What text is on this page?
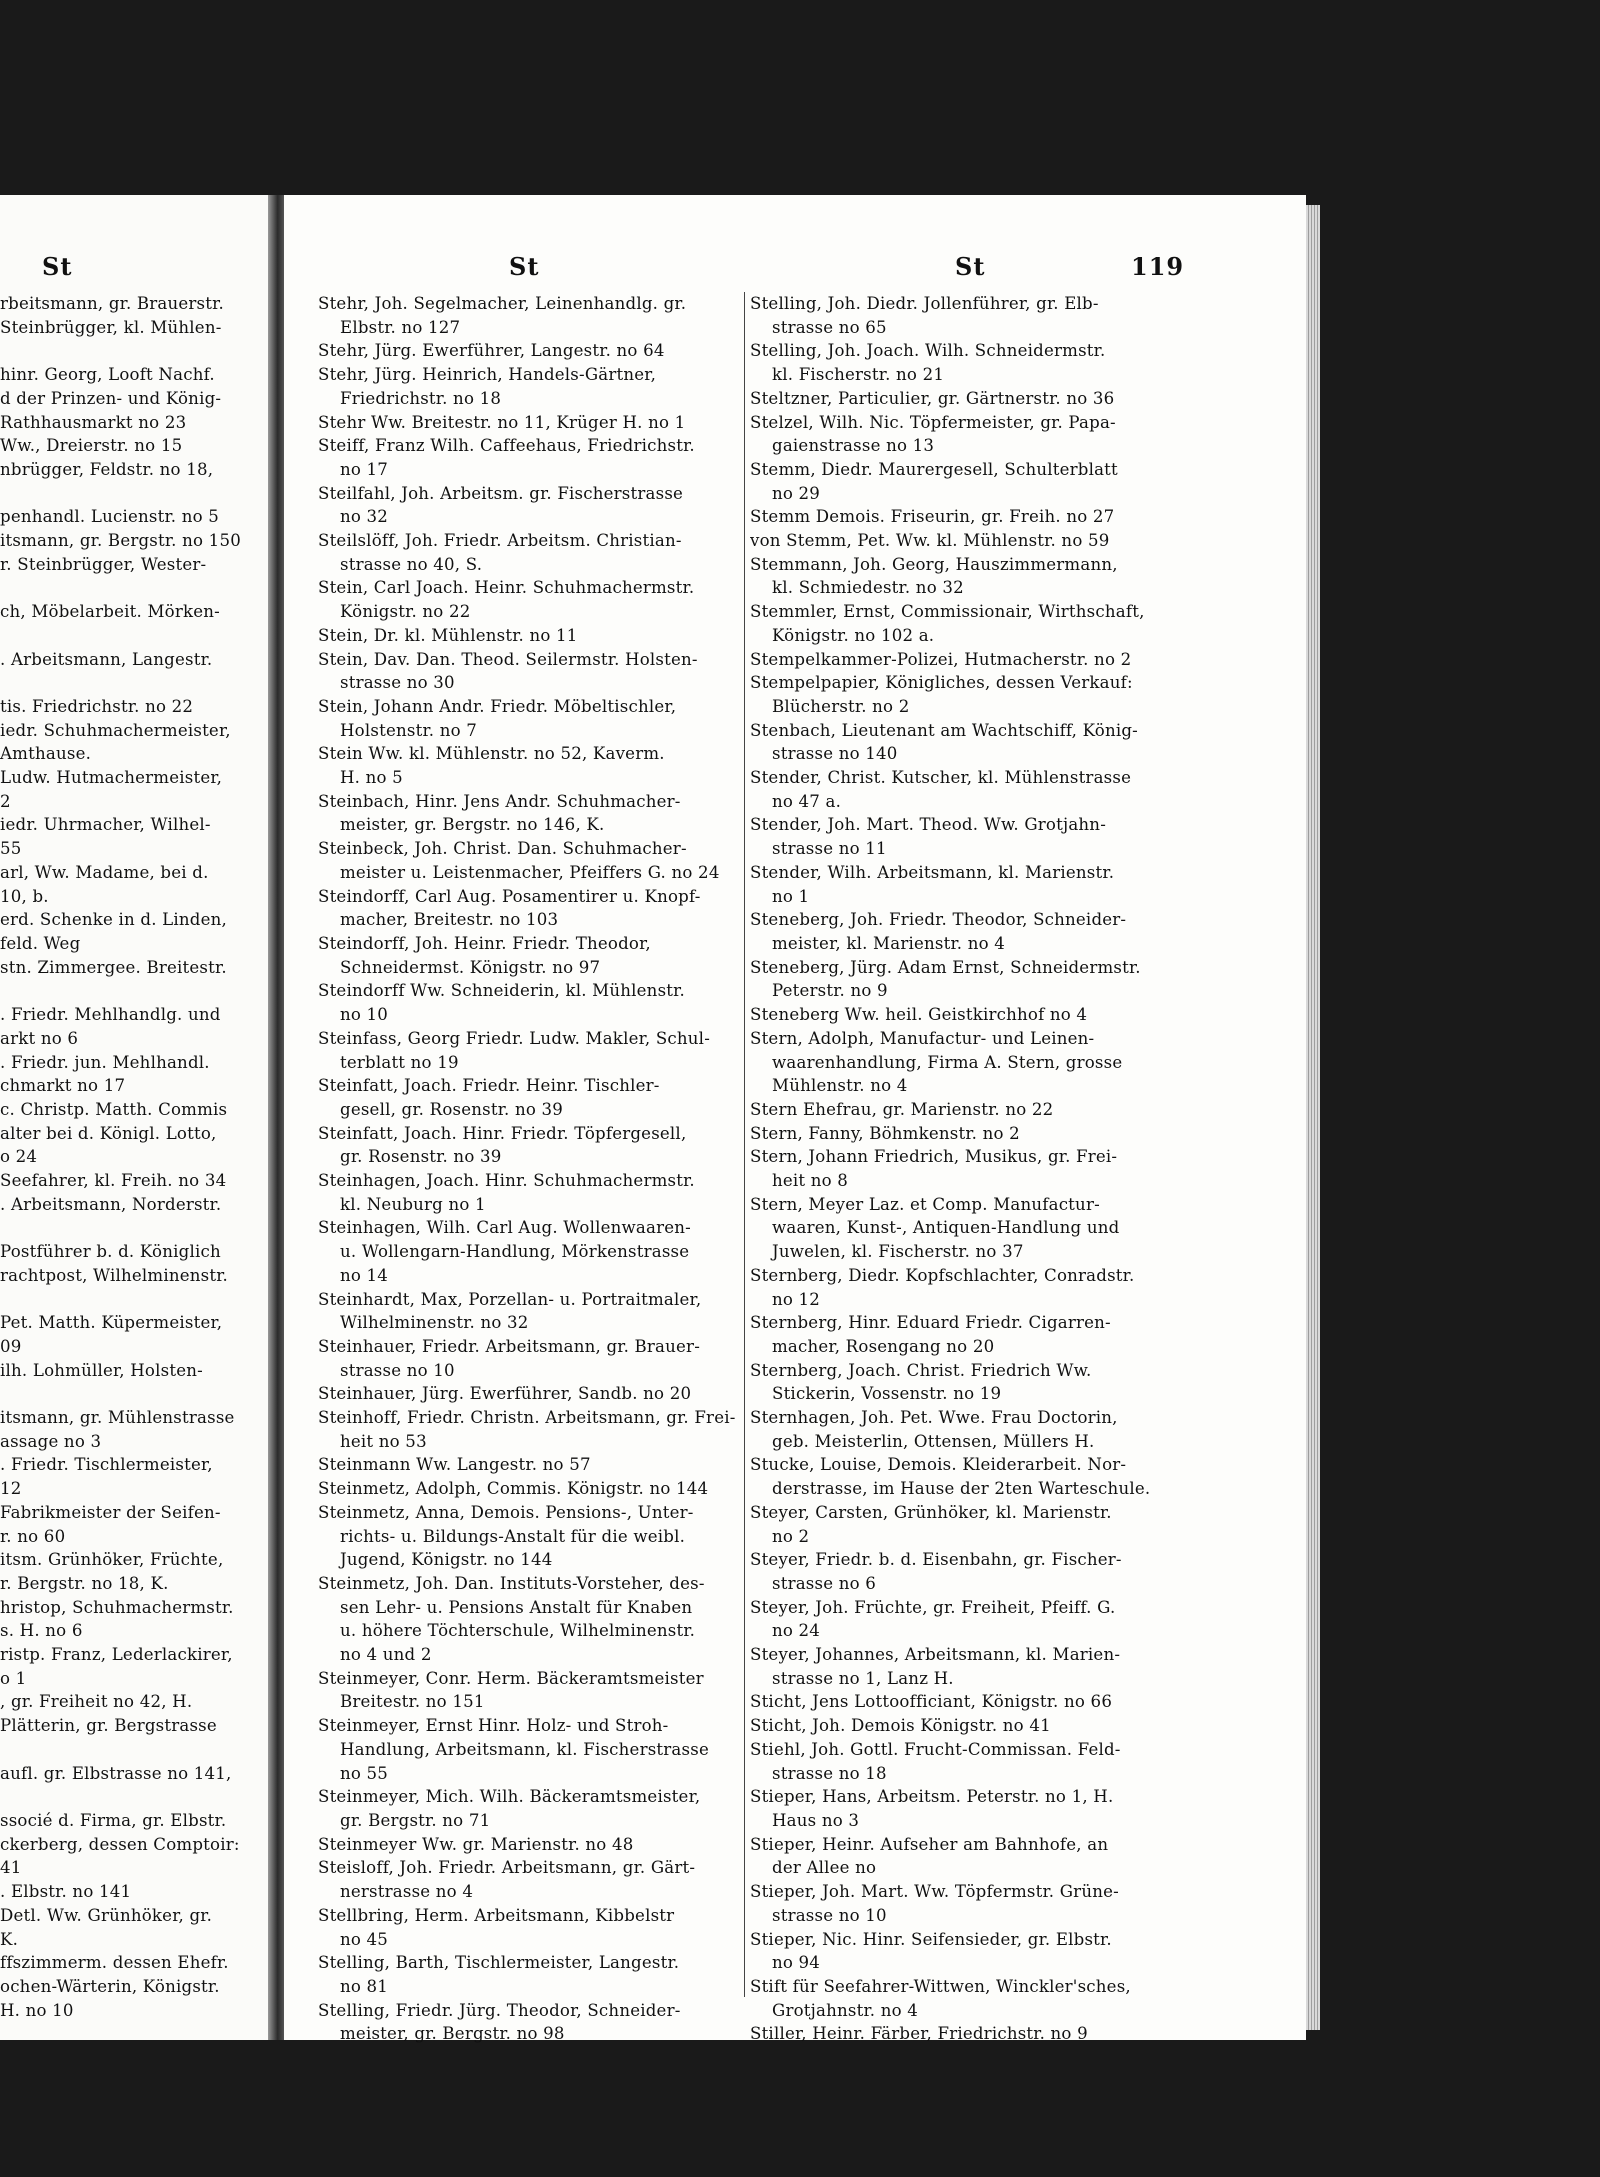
St	St	St	119
rbeitsmann, gr. Brauerstr.
Steinbrügger, kl. Mühlen-

hinr. Georg, Looft Nachf.
d der Prinzen- und König-
Rathhausmarkt no 23
Ww., Dreierstr. no 15
nbrügger, Feldstr. no 18,

penhandl. Lucienstr. no 5
itsmann, gr. Bergstr. no 150
r. Steinbrügger, Wester-

ch, Möbelarbeit. Mörken-

. Arbeitsmann, Langestr.

tis. Friedrichstr. no 22
iedr. Schuhmachermeister,
Amthause.
Ludw. Hutmachermeister,
2
iedr. Uhrmacher, Wilhel-
55
arl, Ww. Madame, bei d.
10, b.
erd. Schenke in d. Linden,
feld. Weg
stn. Zimmergee. Breitestr.

. Friedr. Mehlhandlg. und
arkt no 6
. Friedr. jun. Mehlhandl.
chmarkt no 17
c. Christp. Matth. Commis
alter bei d. Königl. Lotto,
o 24
Seefahrer, kl. Freih. no 34
. Arbeitsmann, Norderstr.

Postführer b. d. Königlich
rachtpost, Wilhelminenstr.

Pet. Matth. Küpermeister,
09
ilh. Lohmüller, Holsten-

itsmann, gr. Mühlenstrasse
assage no 3
. Friedr. Tischlermeister,
12
Fabrikmeister der Seifen-
r. no 60
itsm. Grünhöker, Früchte,
r. Bergstr. no 18, K.
hristop, Schuhmachermstr.
s. H. no 6
ristp. Franz, Lederlackirer,
o 1
, gr. Freiheit no 42, H.
Plätterin, gr. Bergstrasse

aufl. gr. Elbstrasse no 141,

ssocié d. Firma, gr. Elbstr.
ckerberg, dessen Comptoir:
41
. Elbstr. no 141
Detl. Ww. Grünhöker, gr.
K.
ffszimmerm. dessen Ehefr.
ochen-Wärterin, Königstr.
H. no 10
Stehr, Joh. Segelmacher, Leinenhandlg. gr.
Elbstr. no 127
Stehr, Jürg. Ewerführer, Langestr. no 64
Stehr, Jürg. Heinrich, Handels-Gärtner,
Friedrichstr. no 18
Stehr Ww. Breitestr. no 11, Krüger H. no 1
Steiff, Franz Wilh. Caffeehaus, Friedrichstr.
no 17
Steilfahl, Joh. Arbeitsm. gr. Fischerstrasse
no 32
Steilslöff, Joh. Friedr. Arbeitsm. Christian-
strasse no 40, S.
Stein, Carl Joach. Heinr. Schuhmachermstr.
Königstr. no 22
Stein, Dr. kl. Mühlenstr. no 11
Stein, Dav. Dan. Theod. Seilermstr. Holsten-
strasse no 30
Stein, Johann Andr. Friedr. Möbeltischler,
Holstenstr. no 7
Stein Ww. kl. Mühlenstr. no 52, Kaverm.
H. no 5
Steinbach, Hinr. Jens Andr. Schuhmacher-
meister, gr. Bergstr. no 146, K.
Steinbeck, Joh. Christ. Dan. Schuhmacher-
meister u. Leistenmacher, Pfeiffers G. no 24
Steindorff, Carl Aug. Posamentirer u. Knopf-
macher, Breitestr. no 103
Steindorff, Joh. Heinr. Friedr. Theodor,
Schneidermst. Königstr. no 97
Steindorff Ww. Schneiderin, kl. Mühlenstr.
no 10
Steinfass, Georg Friedr. Ludw. Makler, Schul-
terblatt no 19
Steinfatt, Joach. Friedr. Heinr. Tischler-
gesell, gr. Rosenstr. no 39
Steinfatt, Joach. Hinr. Friedr. Töpfergesell,
gr. Rosenstr. no 39
Steinhagen, Joach. Hinr. Schuhmachermstr.
kl. Neuburg no 1
Steinhagen, Wilh. Carl Aug. Wollenwaaren-
u. Wollengarn-Handlung, Mörkenstrasse
no 14
Steinhardt, Max, Porzellan- u. Portraitmaler,
Wilhelminenstr. no 32
Steinhauer, Friedr. Arbeitsmann, gr. Brauer-
strasse no 10
Steinhauer, Jürg. Ewerführer, Sandb. no 20
Steinhoff, Friedr. Christn. Arbeitsmann, gr. Frei-
heit no 53
Steinmann Ww. Langestr. no 57
Steinmetz, Adolph, Commis. Königstr. no 144
Steinmetz, Anna, Demois. Pensions-, Unter-
richts- u. Bildungs-Anstalt für die weibl.
Jugend, Königstr. no 144
Steinmetz, Joh. Dan. Instituts-Vorsteher, des-
sen Lehr- u. Pensions Anstalt für Knaben
u. höhere Töchterschule, Wilhelminenstr.
no 4 und 2
Steinmeyer, Conr. Herm. Bäckeramtsmeister
Breitestr. no 151
Steinmeyer, Ernst Hinr. Holz- und Stroh-
Handlung, Arbeitsmann, kl. Fischerstrasse
no 55
Steinmeyer, Mich. Wilh. Bäckeramtsmeister,
gr. Bergstr. no 71
Steinmeyer Ww. gr. Marienstr. no 48
Steisloff, Joh. Friedr. Arbeitsmann, gr. Gärt-
nerstrasse no 4
Stellbring, Herm. Arbeitsmann, Kibbelstr
no 45
Stelling, Barth, Tischlermeister, Langestr.
no 81
Stelling, Friedr. Jürg. Theodor, Schneider-
meister, gr. Bergstr. no 98
Stelling, Joh. Diedr. Jollenführer, gr. Elb-
strasse no 65
Stelling, Joh. Joach. Wilh. Schneidermstr.
kl. Fischerstr. no 21
Steltzner, Particulier, gr. Gärtnerstr. no 36
Stelzel, Wilh. Nic. Töpfermeister, gr. Papa-
gaienstrasse no 13
Stemm, Diedr. Maurergesell, Schulterblatt
no 29
Stemm Demois. Friseurin, gr. Freih. no 27
von Stemm, Pet. Ww. kl. Mühlenstr. no 59
Stemmann, Joh. Georg, Hauszimmermann,
kl. Schmiedestr. no 32
Stemmler, Ernst, Commissionair, Wirthschaft,
Königstr. no 102 a.
Stempelkammer-Polizei, Hutmacherstr. no 2
Stempelpapier, Königliches, dessen Verkauf:
Blücherstr. no 2
Stenbach, Lieutenant am Wachtschiff, König-
strasse no 140
Stender, Christ. Kutscher, kl. Mühlenstrasse
no 47 a.
Stender, Joh. Mart. Theod. Ww. Grotjahn-
strasse no 11
Stender, Wilh. Arbeitsmann, kl. Marienstr.
no 1
Steneberg, Joh. Friedr. Theodor, Schneider-
meister, kl. Marienstr. no 4
Steneberg, Jürg. Adam Ernst, Schneidermstr.
Peterstr. no 9
Steneberg Ww. heil. Geistkirchhof no 4
Stern, Adolph, Manufactur- und Leinen-
waarenhandlung, Firma A. Stern, grosse
Mühlenstr. no 4
Stern Ehefrau, gr. Marienstr. no 22
Stern, Fanny, Böhmkenstr. no 2
Stern, Johann Friedrich, Musikus, gr. Frei-
heit no 8
Stern, Meyer Laz. et Comp. Manufactur-
waaren, Kunst-, Antiquen-Handlung und
Juwelen, kl. Fischerstr. no 37
Sternberg, Diedr. Kopfschlachter, Conradstr.
no 12
Sternberg, Hinr. Eduard Friedr. Cigarren-
macher, Rosengang no 20
Sternberg, Joach. Christ. Friedrich Ww.
Stickerin, Vossenstr. no 19
Sternhagen, Joh. Pet. Wwe. Frau Doctorin,
geb. Meisterlin, Ottensen, Müllers H.
Stucke, Louise, Demois. Kleiderarbeit. Nor-
derstrasse, im Hause der 2ten Warteschule.
Steyer, Carsten, Grünhöker, kl. Marienstr.
no 2
Steyer, Friedr. b. d. Eisenbahn, gr. Fischer-
strasse no 6
Steyer, Joh. Früchte, gr. Freiheit, Pfeiff. G.
no 24
Steyer, Johannes, Arbeitsmann, kl. Marien-
strasse no 1, Lanz H.
Sticht, Jens Lottoofficiant, Königstr. no 66
Sticht, Joh. Demois Königstr. no 41
Stiehl, Joh. Gottl. Frucht-Commissan. Feld-
strasse no 18
Stieper, Hans, Arbeitsm. Peterstr. no 1, H.
Haus no 3
Stieper, Heinr. Aufseher am Bahnhofe, an
der Allee no
Stieper, Joh. Mart. Ww. Töpfermstr. Grüne-
strasse no 10
Stieper, Nic. Hinr. Seifensieder, gr. Elbstr.
no 94
Stift für Seefahrer-Wittwen, Winckler'sches,
Grotjahnstr. no 4
Stiller, Heinr. Färber, Friedrichstr. no 9
